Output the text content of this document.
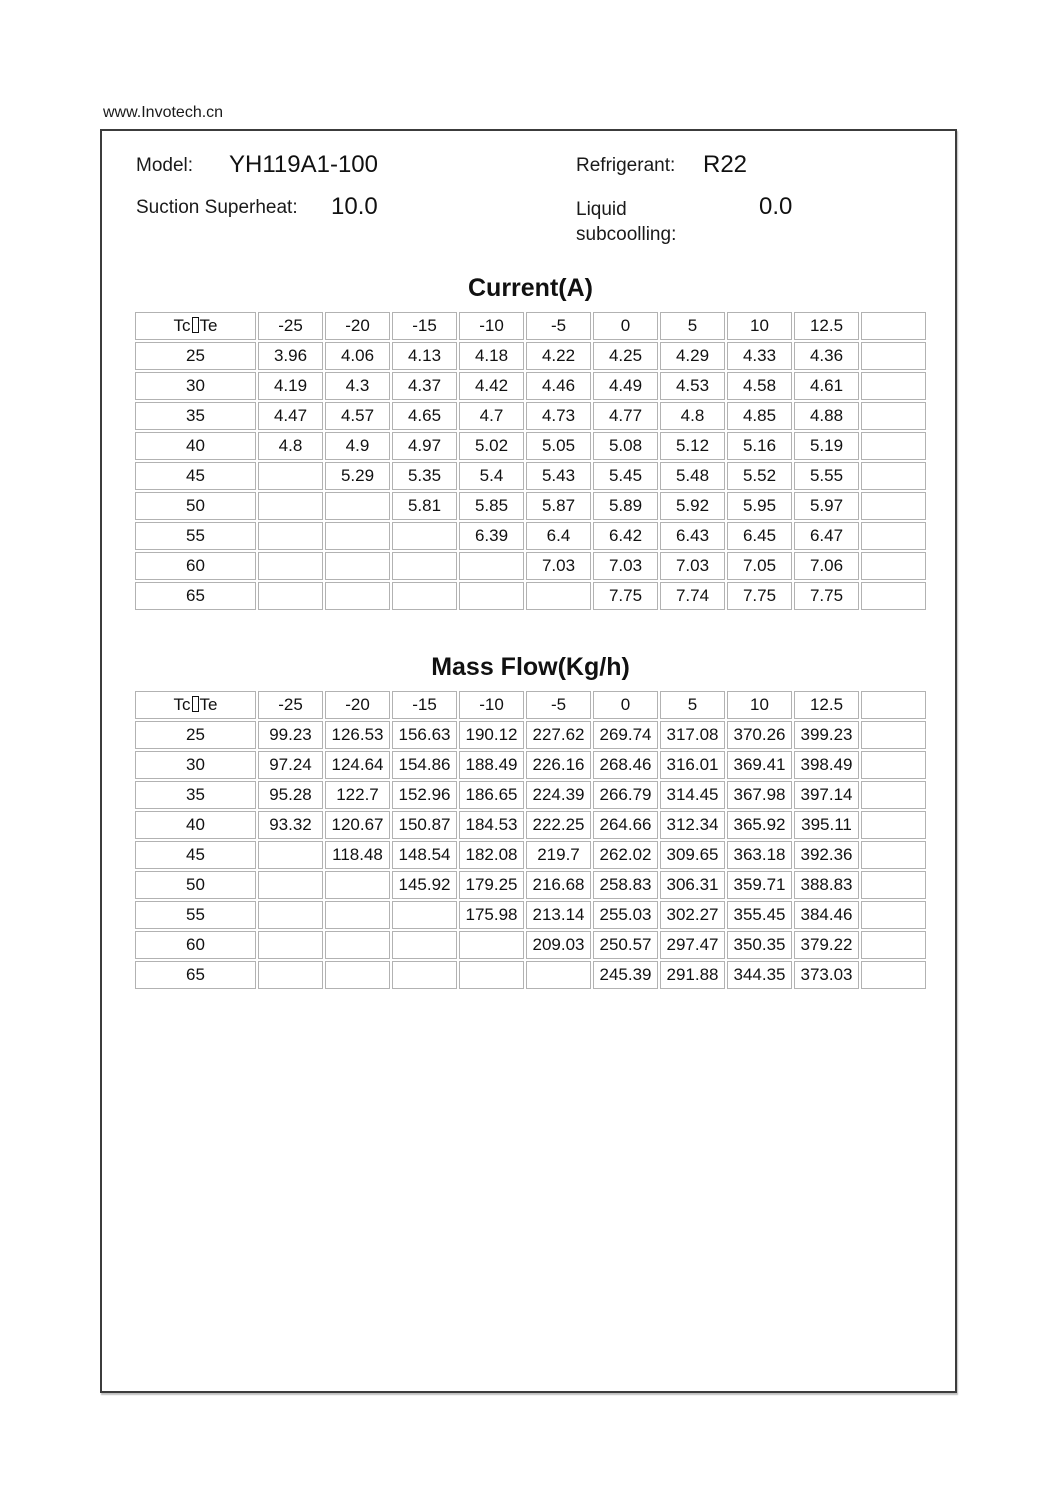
www.Invotech.cn
Model: YH119A1-100	Refrigerant: R22
Suction Superheat: 10.0	Liquid subcoolling:
0.0
Current(A)
Tc Te	-25	-20	-15	-10	-5	0	5	10	12.5	
25	3.96	4.06	4.13	4.18	4.22	4.25	4.29	4.33	4.36	
30	4.19	4.3	4.37	4.42	4.46	4.49	4.53	4.58	4.61	
35	4.47	4.57	4.65	4.7	4.73	4.77	4.8	4.85	4.88	
40	4.8	4.9	4.97	5.02	5.05	5.08	5.12	5.16	5.19	
45		5.29	5.35	5.4	5.43	5.45	5.48	5.52	5.55	
50			5.81	5.85	5.87	5.89	5.92	5.95	5.97	
55				6.39	6.4	6.42	6.43	6.45	6.47	
60					7.03	7.03	7.03	7.05	7.06	
65						7.75	7.74	7.75	7.75	
Mass Flow(Kg/h)
Tc Te	-25	-20	-15	-10	-5	0	5	10	12.5	
25	99.23	126.53	156.63	190.12	227.62	269.74	317.08	370.26	399.23	
30	97.24	124.64	154.86	188.49	226.16	268.46	316.01	369.41	398.49	
35	95.28	122.7	152.96	186.65	224.39	266.79	314.45	367.98	397.14	
40	93.32	120.67	150.87	184.53	222.25	264.66	312.34	365.92	395.11	
45		118.48	148.54	182.08	219.7	262.02	309.65	363.18	392.36	
50			145.92	179.25	216.68	258.83	306.31	359.71	388.83	
55				175.98	213.14	255.03	302.27	355.45	384.46	
60					209.03	250.57	297.47	350.35	379.22	
65						245.39	291.88	344.35	373.03	
